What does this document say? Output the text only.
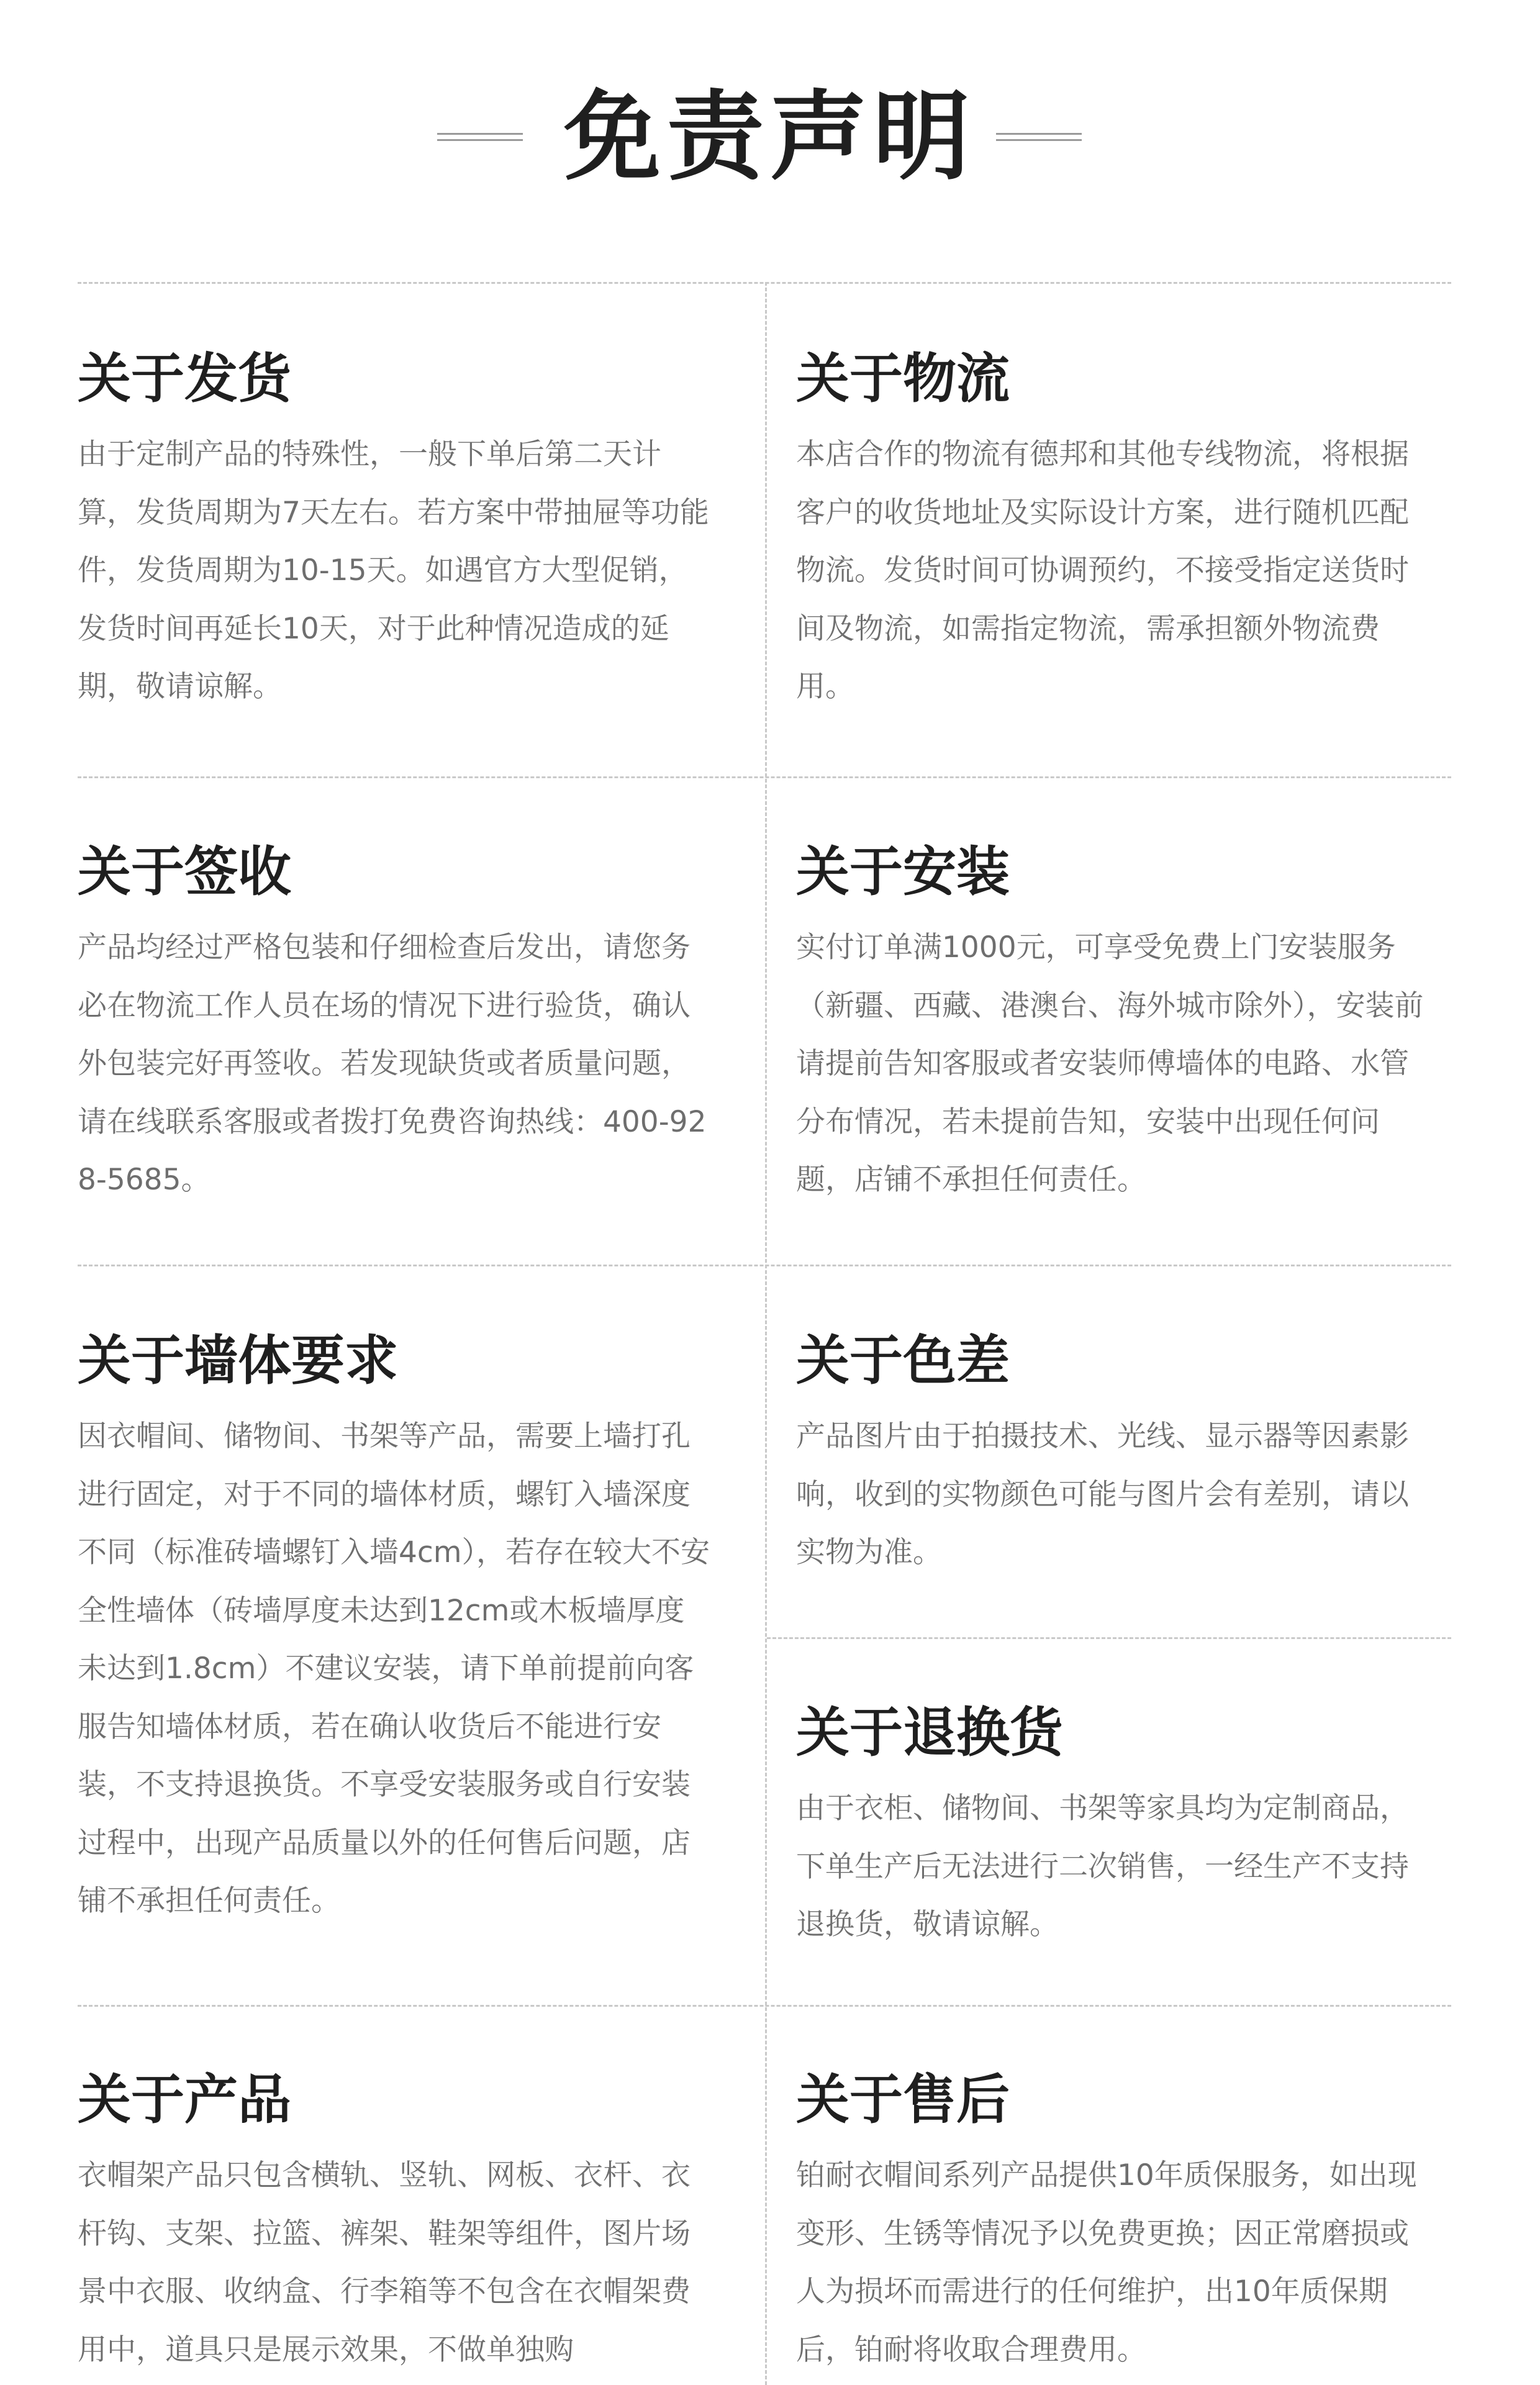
免责声明
关于发货
由于定制产品的特殊性，一般下单后第二天计算，发货周期为7天左右。若方案中带抽屉等功能件，发货周期为10-15天。如遇官方大型促销，发货时间再延长10天，对于此种情况造成的延期，敬请谅解。
关于物流
本店合作的物流有德邦和其他专线物流，将根据客户的收货地址及实际设计方案，进行随机匹配物流。发货时间可协调预约，不接受指定送货时间及物流，如需指定物流，需承担额外物流费用。
关于签收
产品均经过严格包装和仔细检查后发出，请您务必在物流工作人员在场的情况下进行验货，确认外包装完好再签收。若发现缺货或者质量问题，请在线联系客服或者拨打免费咨询热线：400-928-5685。
关于安装
实付订单满1000元，可享受免费上门安装服务（新疆、西藏、港澳台、海外城市除外），安装前请提前告知客服或者安装师傅墙体的电路、水管分布情况，若未提前告知，安装中出现任何问题，店铺不承担任何责任。
关于墙体要求
因衣帽间、储物间、书架等产品，需要上墙打孔进行固定，对于不同的墙体材质，螺钉入墙深度不同（标准砖墙螺钉入墙4cm），若存在较大不安全性墙体（砖墙厚度未达到12cm或木板墙厚度未达到1.8cm）不建议安装，请下单前提前向客服告知墙体材质，若在确认收货后不能进行安装，不支持退换货。不享受安装服务或自行安装过程中，出现产品质量以外的任何售后问题，店铺不承担任何责任。
关于色差
产品图片由于拍摄技术、光线、显示器等因素影响，收到的实物颜色可能与图片会有差别，请以实物为准。
关于退换货
由于衣柜、储物间、书架等家具均为定制商品，下单生产后无法进行二次销售，一经生产不支持退换货，敬请谅解。
关于产品
衣帽架产品只包含横轨、竖轨、网板、衣杆、衣杆钩、支架、拉篮、裤架、鞋架等组件，图片场景中衣服、收纳盒、行李箱等不包含在衣帽架费用中，道具只是展示效果，不做单独购
关于售后
铂耐衣帽间系列产品提供10年质保服务，如出现变形、生锈等情况予以免费更换；因正常磨损或人为损坏而需进行的任何维护，出10年质保期后，铂耐将收取合理费用。
